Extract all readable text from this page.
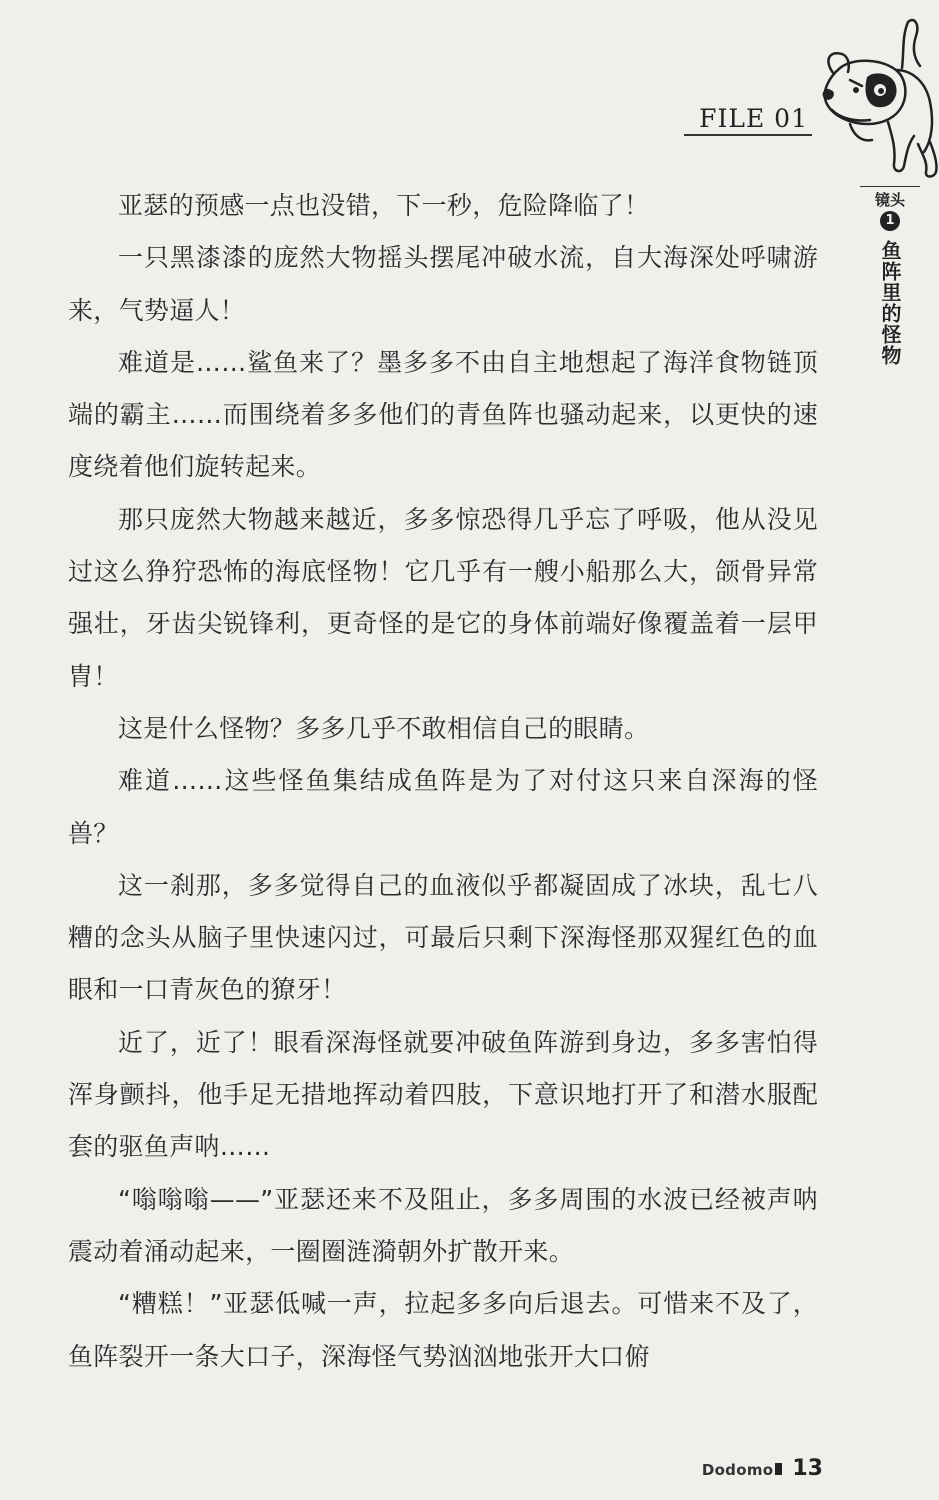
FILE 01
镜头
1
鱼阵里的怪物

亚瑟的预感一点也没错，下一秒，危险降临了！

一只黑漆漆的庞然大物摇头摆尾冲破水流，自大海深处呼啸游来，气势逼人！

难道是……鲨鱼来了？墨多多不由自主地想起了海洋食物链顶端的霸主……而围绕着多多他们的青鱼阵也骚动起来，以更快的速度绕着他们旋转起来。

那只庞然大物越来越近，多多惊恐得几乎忘了呼吸，他从没见过这么狰狞恐怖的海底怪物！它几乎有一艘小船那么大，颌骨异常强壮，牙齿尖锐锋利，更奇怪的是它的身体前端好像覆盖着一层甲胄！

这是什么怪物？多多几乎不敢相信自己的眼睛。

难道……这些怪鱼集结成鱼阵是为了对付这只来自深海的怪兽？

这一刹那，多多觉得自己的血液似乎都凝固成了冰块，乱七八糟的念头从脑子里快速闪过，可最后只剩下深海怪那双猩红色的血眼和一口青灰色的獠牙！

近了，近了！眼看深海怪就要冲破鱼阵游到身边，多多害怕得浑身颤抖，他手足无措地挥动着四肢，下意识地打开了和潜水服配套的驱鱼声呐……

“嗡嗡嗡——”亚瑟还来不及阻止，多多周围的水波已经被声呐震动着涌动起来，一圈圈涟漪朝外扩散开来。

“糟糕！”亚瑟低喊一声，拉起多多向后退去。可惜来不及了，鱼阵裂开一条大口子，深海怪气势汹汹地张开大口俯

Dodomo 13
